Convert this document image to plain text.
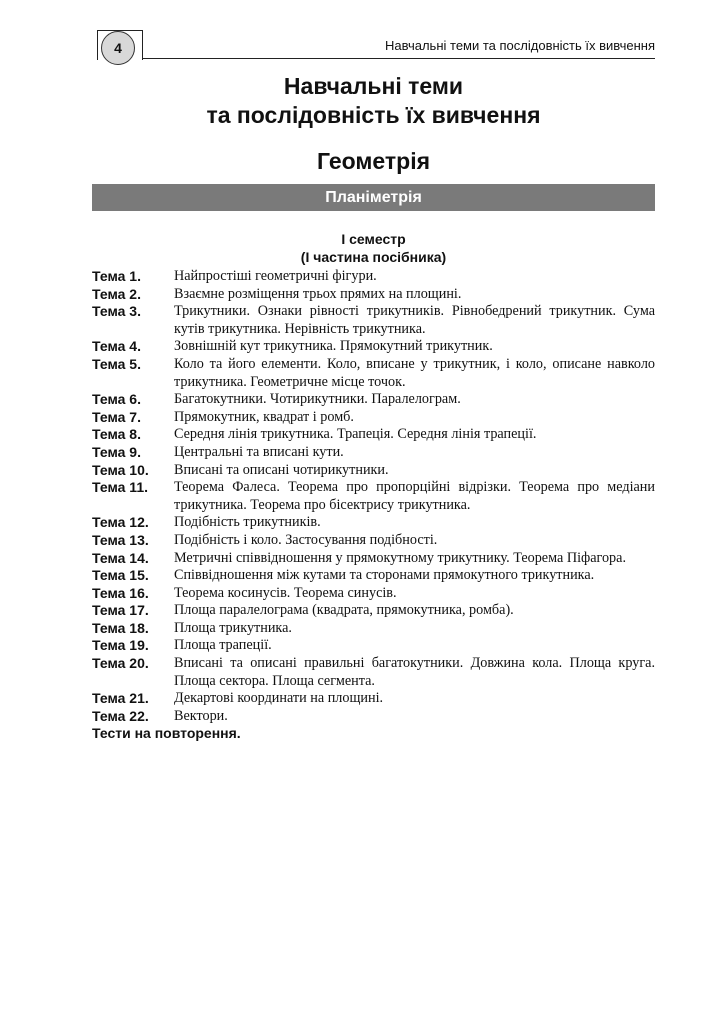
4	Навчальні теми та послідовність їх вивчення
Навчальні теми
та послідовність їх вивчення
Геометрія
Планіметрія
І семестр
(І частина посібника)
Тема 1.	Найпростіші геометричні фігури.
Тема 2.	Взаємне розміщення трьох прямих на площині.
Тема 3.	Трикутники. Ознаки рівності трикутників. Рівнобедрений трикутник. Сума кутів трикутника. Нерівність трикутника.
Тема 4.	Зовнішній кут трикутника. Прямокутний трикутник.
Тема 5.	Коло та його елементи. Коло, вписане у трикутник, і коло, описане навколо трикутника. Геометричне місце точок.
Тема 6.	Багатокутники. Чотирикутники. Паралелограм.
Тема 7.	Прямокутник, квадрат і ромб.
Тема 8.	Середня лінія трикутника. Трапеція. Середня лінія трапеції.
Тема 9.	Центральні та вписані кути.
Тема 10.	Вписані та описані чотирикутники.
Тема 11.	Теорема Фалеса. Теорема про пропорційні відрізки. Теорема про медіани трикутника. Теорема про бісектрису трикутника.
Тема 12.	Подібність трикутників.
Тема 13.	Подібність і коло. Застосування подібності.
Тема 14.	Метричні співвідношення у прямокутному трикутнику. Теорема Піфагора.
Тема 15.	Співвідношення між кутами та сторонами прямокутного трикутника.
Тема 16.	Теорема косинусів. Теорема синусів.
Тема 17.	Площа паралелограма (квадрата, прямокутника, ромба).
Тема 18.	Площа трикутника.
Тема 19.	Площа трапеції.
Тема 20.	Вписані та описані правильні багатокутники. Довжина кола. Площа круга. Площа сектора. Площа сегмента.
Тема 21.	Декартові координати на площині.
Тема 22.	Вектори.
Тести на повторення.
